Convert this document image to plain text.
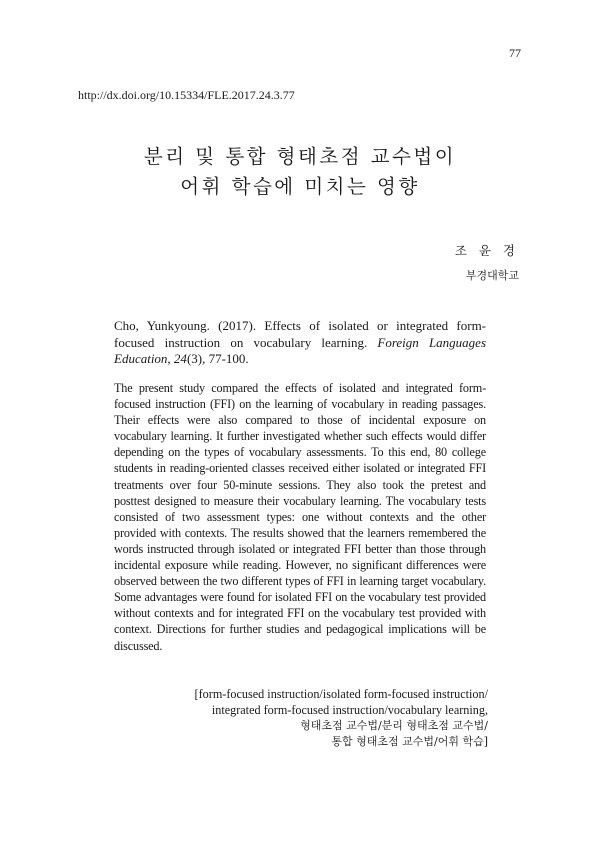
77
http://dx.doi.org/10.15334/FLE.2017.24.3.77
분리 및 통합 형태초점 교수법이
어휘 학습에 미치는 영향
조 윤 경
부경대학교
Cho, Yunkyoung. (2017). Effects of isolated or integrated form-focused instruction on vocabulary learning. Foreign Languages Education, 24(3), 77-100.
The present study compared the effects of isolated and integrated form-focused instruction (FFI) on the learning of vocabulary in reading passages. Their effects were also compared to those of incidental exposure on vocabulary learning. It further investigated whether such effects would differ depending on the types of vocabulary assessments. To this end, 80 college students in reading-oriented classes received either isolated or integrated FFI treatments over four 50-minute sessions. They also took the pretest and posttest designed to measure their vocabulary learning. The vocabulary tests consisted of two assessment types: one without contexts and the other provided with contexts. The results showed that the learners remembered the words instructed through isolated or integrated FFI better than those through incidental exposure while reading. However, no significant differences were observed between the two different types of FFI in learning target vocabulary. Some advantages were found for isolated FFI on the vocabulary test provided without contexts and for integrated FFI on the vocabulary test provided with context. Directions for further studies and pedagogical implications will be discussed.
[form-focused instruction/isolated form-focused instruction/
integrated form-focused instruction/vocabulary learning,
형태초점 교수법/분리 형태초점 교수법/
통합 형태초점 교수법/어휘 학습]
